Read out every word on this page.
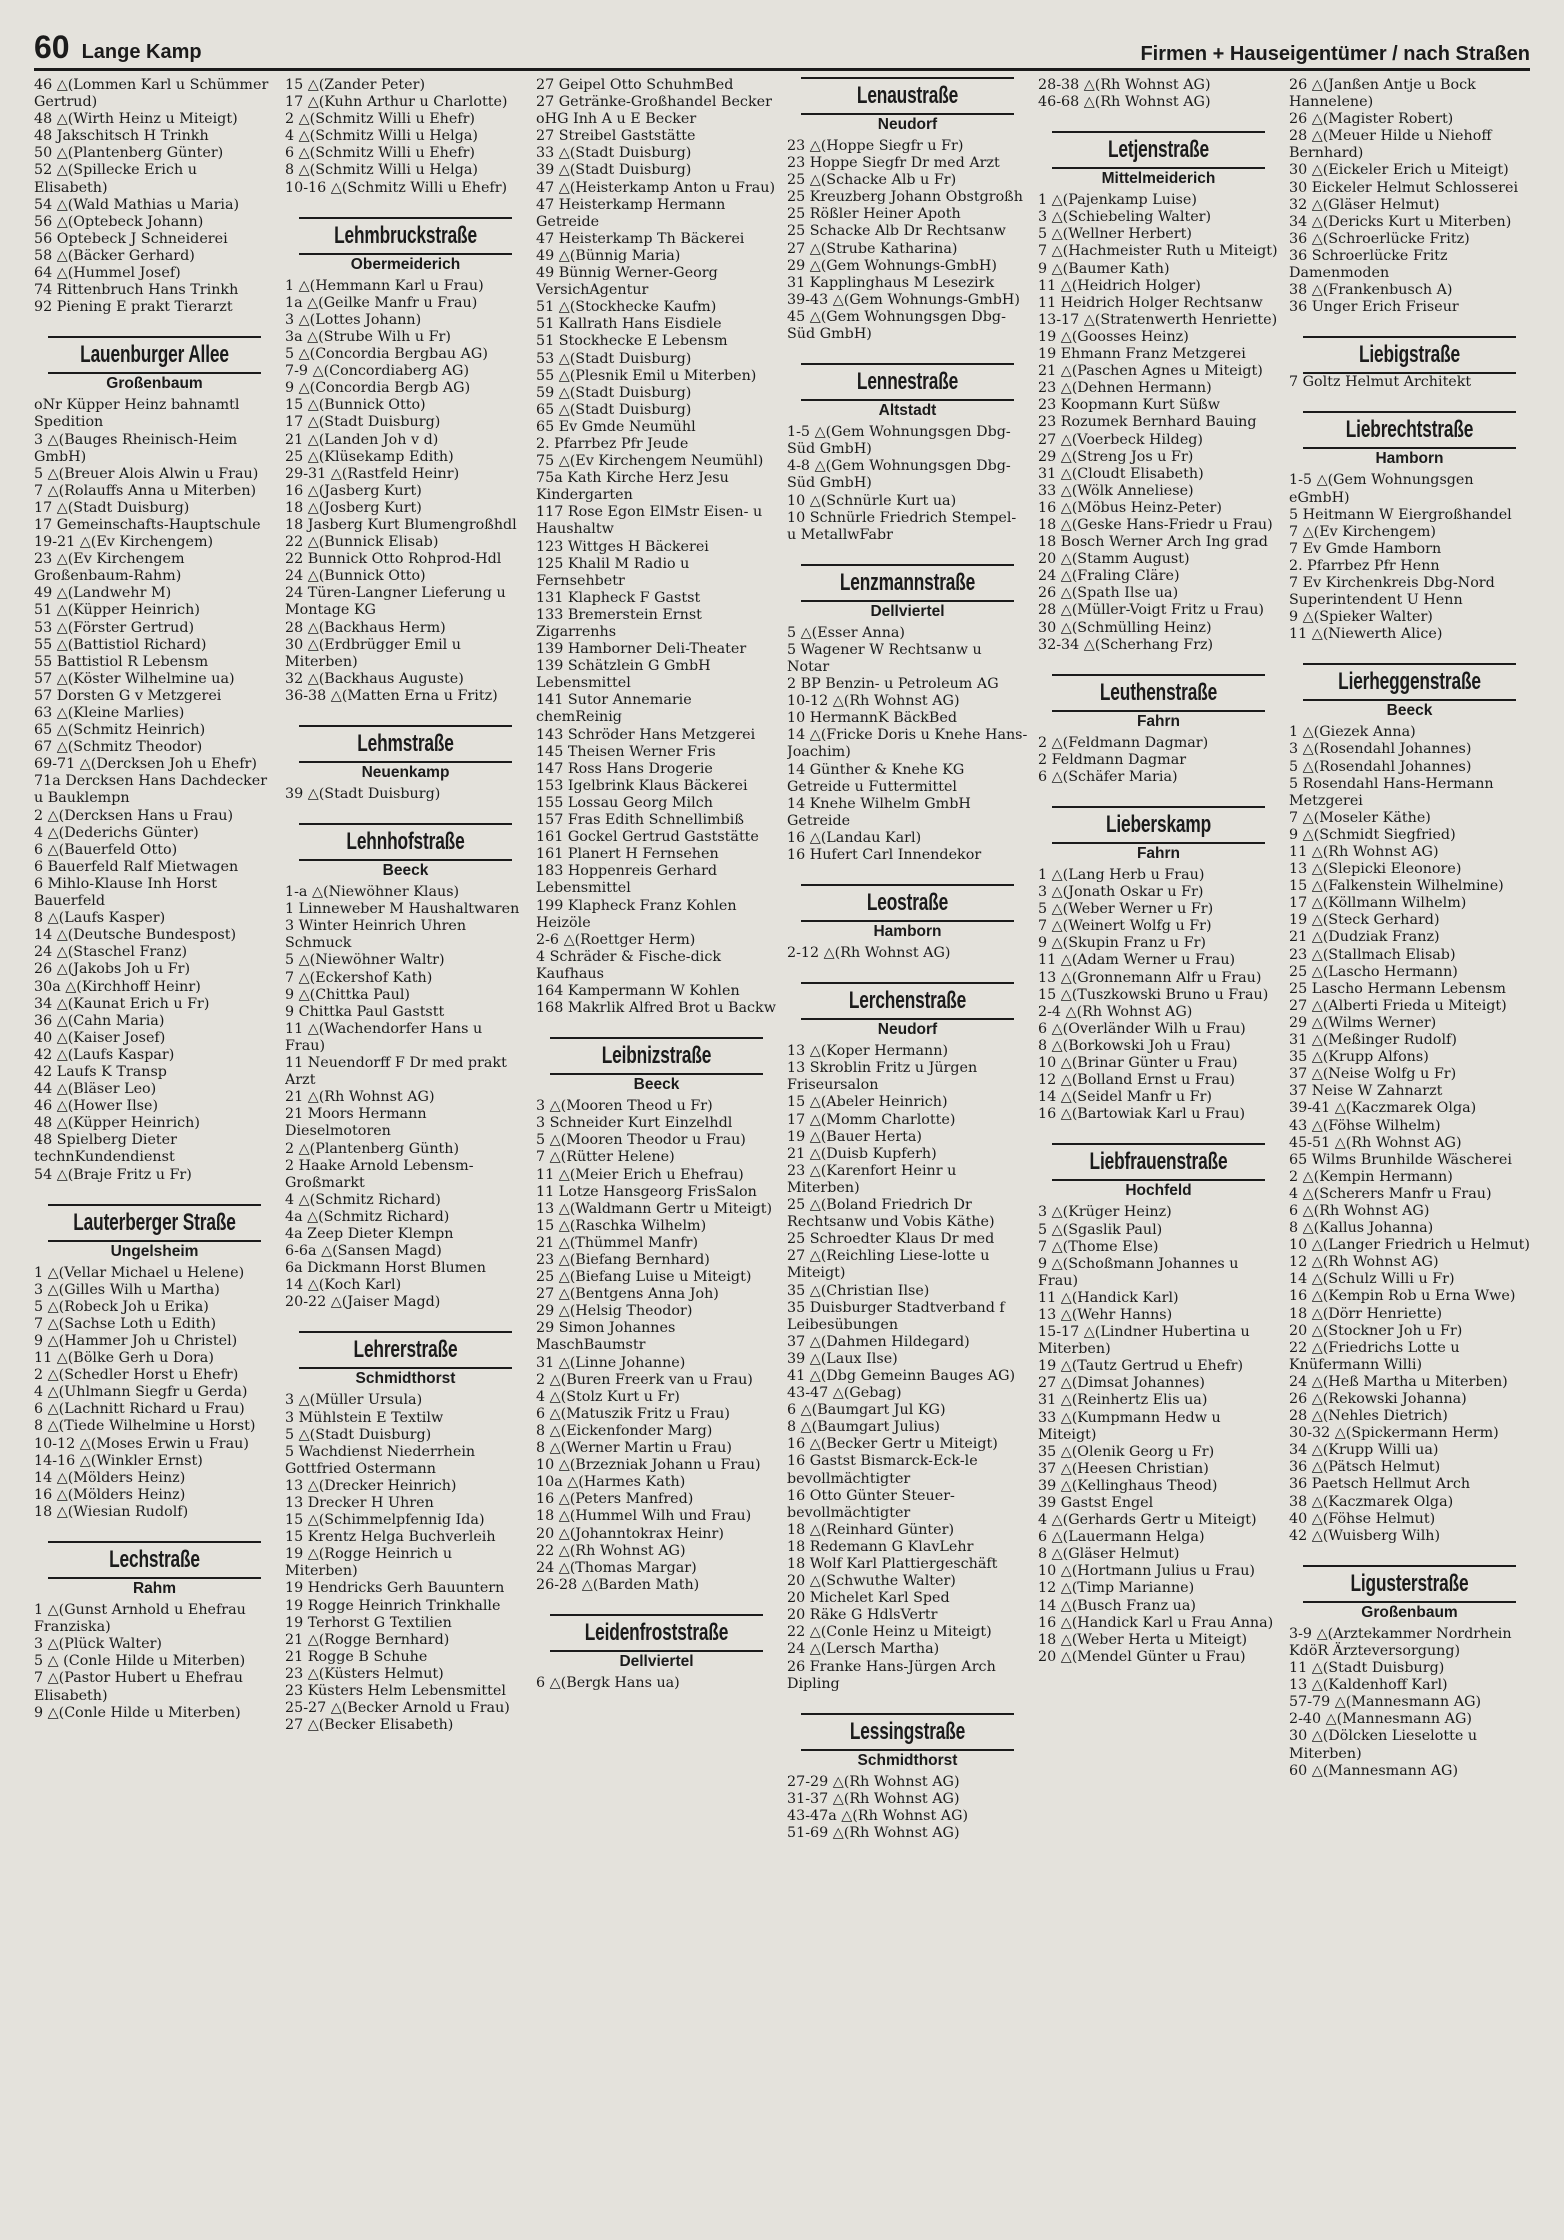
60 Lange Kamp	Firmen + Hauseigentümer / nach Straßen
46 △(Lommen Karl u Schümmer Gertrud)
48 △(Wirth Heinz u Miteigt)
48 Jakschitsch H Trinkh
50 △(Plantenberg Günter)
52 △(Spillecke Erich u Elisabeth)
54 △(Wald Mathias u Maria)
56 △(Optebeck Johann)
56 Optebeck J Schneiderei
58 △(Bäcker Gerhard)
64 △(Hummel Josef)
74 Rittenbruch Hans Trinkh
92 Piening E prakt Tierarzt
Lauenburger Allee
Großenbaum
oNr Küpper Heinz bahnamtl Spedition
3 △(Bauges Rheinisch-Heim GmbH)
5 △(Breuer Alois Alwin u Frau)
7 △(Rolauffs Anna u Miterben)
17 △(Stadt Duisburg)
17 Gemeinschafts-Hauptschule
19-21 △(Ev Kirchengem)
23 △(Ev Kirchengem Großenbaum-Rahm)
49 △(Landwehr M)
51 △(Küpper Heinrich)
53 △(Förster Gertrud)
55 △(Battistiol Richard)
55 Battistiol R Lebensm
57 △(Köster Wilhelmine ua)
57 Dorsten G v Metzgerei
63 △(Kleine Marlies)
65 △(Schmitz Heinrich)
67 △(Schmitz Theodor)
69-71 △(Dercksen Joh u Ehefr)
71a Dercksen Hans Dachdecker u Bauklempn
2 △(Dercksen Hans u Frau)
4 △(Dederichs Günter)
6 △(Bauerfeld Otto)
6 Bauerfeld Ralf Mietwagen
6 Mihlo-Klause Inh Horst Bauerfeld
8 △(Laufs Kasper)
14 △(Deutsche Bundespost)
24 △(Staschel Franz)
26 △(Jakobs Joh u Fr)
30a △(Kirchhoff Heinr)
34 △(Kaunat Erich u Fr)
36 △(Cahn Maria)
40 △(Kaiser Josef)
42 △(Laufs Kaspar)
42 Laufs K Transp
44 △(Bläser Leo)
46 △(Hower Ilse)
48 △(Küpper Heinrich)
48 Spielberg Dieter technKundendienst
54 △(Braje Fritz u Fr)
Lauterberger Straße
Ungelsheim
1 △(Vellar Michael u Helene)
3 △(Gilles Wilh u Martha)
5 △(Robeck Joh u Erika)
7 △(Sachse Loth u Edith)
9 △(Hammer Joh u Christel)
11 △(Bölke Gerh u Dora)
2 △(Schedler Horst u Ehefr)
4 △(Uhlmann Siegfr u Gerda)
6 △(Lachnitt Richard u Frau)
8 △(Tiede Wilhelmine u Horst)
10-12 △(Moses Erwin u Frau)
14-16 △(Winkler Ernst)
14 △(Mölders Heinz)
16 △(Mölders Heinz)
18 △(Wiesian Rudolf)
Lechstraße
Rahm
1 △(Gunst Arnhold u Ehefrau Franziska)
3 △(Plück Walter)
5 △ (Conle Hilde u Miterben)
7 △(Pastor Hubert u Ehefrau Elisabeth)
9 △(Conle Hilde u Miterben)
15 △(Zander Peter)
17 △(Kuhn Arthur u Charlotte)
2 △(Schmitz Willi u Ehefr)
4 △(Schmitz Willi u Helga)
6 △(Schmitz Willi u Ehefr)
8 △(Schmitz Willi u Helga)
10-16 △(Schmitz Willi u Ehefr)
Lehmbruckstraße
Obermeiderich
1 △(Hemmann Karl u Frau)
1a △(Geilke Manfr u Frau)
3 △(Lottes Johann)
3a △(Strube Wilh u Fr)
5 △(Concordia Bergbau AG)
7-9 △(Concordiaberg AG)
9 △(Concordia Bergb AG)
15 △(Bunnick Otto)
17 △(Stadt Duisburg)
21 △(Landen Joh v d)
25 △(Klüsekamp Edith)
29-31 △(Rastfeld Heinr)
16 △(Jasberg Kurt)
18 △(Josberg Kurt)
18 Jasberg Kurt Blumengroßhdl
22 △(Bunnick Elisab)
22 Bunnick Otto Rohprod-Hdl
24 △(Bunnick Otto)
24 Türen-Langner Lieferung u Montage KG
28 △(Backhaus Herm)
30 △(Erdbrügger Emil u Miterben)
32 △(Backhaus Auguste)
36-38 △(Matten Erna u Fritz)
Lehmstraße
Neuenkamp
39 △(Stadt Duisburg)
Lehnhofstraße
Beeck
1-a △(Niewöhner Klaus)
1 Linneweber M Haushaltwaren
3 Winter Heinrich Uhren Schmuck
5 △(Niewöhner Waltr)
7 △(Eckershof Kath)
9 △(Chittka Paul)
9 Chittka Paul Gaststt
11 △(Wachendorfer Hans u Frau)
11 Neuendorff F Dr med prakt Arzt
21 △(Rh Wohnst AG)
21 Moors Hermann Dieselmotoren
2 △(Plantenberg Günth)
2 Haake Arnold Lebensm-Großmarkt
4 △(Schmitz Richard)
4a △(Schmitz Richard)
4a Zeep Dieter Klempn
6-6a △(Sansen Magd)
6a Dickmann Horst Blumen
14 △(Koch Karl)
20-22 △(Jaiser Magd)
Lehrerstraße
Schmidthorst
3 △(Müller Ursula)
3 Mühlstein E Textilw
5 △(Stadt Duisburg)
5 Wachdienst Niederrhein Gottfried Ostermann
13 △(Drecker Heinrich)
13 Drecker H Uhren
15 △(Schimmelpfennig Ida)
15 Krentz Helga Buchverleih
19 △(Rogge Heinrich u Miterben)
19 Hendricks Gerh Bauuntern
19 Rogge Heinrich Trinkhalle
19 Terhorst G Textilien
21 △(Rogge Bernhard)
21 Rogge B Schuhe
23 △(Küsters Helmut)
23 Küsters Helm Lebensmittel
25-27 △(Becker Arnold u Frau)
27 △(Becker Elisabeth)
27 Geipel Otto SchuhmBed
27 Getränke-Großhandel Becker oHG Inh A u E Becker
27 Streibel Gaststätte
33 △(Stadt Duisburg)
39 △(Stadt Duisburg)
47 △(Heisterkamp Anton u Frau)
47 Heisterkamp Hermann Getreide
47 Heisterkamp Th Bäckerei
49 △(Bünnig Maria)
49 Bünnig Werner-Georg VersichAgentur
51 △(Stockhecke Kaufm)
51 Kallrath Hans Eisdiele
51 Stockhecke E Lebensm
53 △(Stadt Duisburg)
55 △(Plesnik Emil u Miterben)
59 △(Stadt Duisburg)
65 △(Stadt Duisburg)
65 Ev Gmde Neumühl
2. Pfarrbez Pfr Jeude
75 △(Ev Kirchengem Neumühl)
75a Kath Kirche Herz Jesu Kindergarten
117 Rose Egon ElMstr Eisen- u Haushaltw
123 Wittges H Bäckerei
125 Khalil M Radio u Fernsehbetr
131 Klapheck F Gastst
133 Bremerstein Ernst Zigarrenhs
139 Hamborner Deli-Theater
139 Schätzlein G GmbH Lebensmittel
141 Sutor Annemarie chemReinig
143 Schröder Hans Metzgerei
145 Theisen Werner Fris
147 Ross Hans Drogerie
153 Igelbrink Klaus Bäckerei
155 Lossau Georg Milch
157 Fras Edith Schnellimbiß
161 Gockel Gertrud Gaststätte
161 Planert H Fernsehen
183 Hoppenreis Gerhard Lebensmittel
199 Klapheck Franz Kohlen Heizöle
2-6 △(Roettger Herm)
4 Schräder & Fische-dick Kaufhaus
164 Kampermann W Kohlen
168 Makrlik Alfred Brot u Backw
Leibnizstraße
Beeck
3 △(Mooren Theod u Fr)
3 Schneider Kurt Einzelhdl
5 △(Mooren Theodor u Frau)
7 △(Rütter Helene)
11 △(Meier Erich u Ehefrau)
11 Lotze Hansgeorg FrisSalon
13 △(Waldmann Gertr u Miteigt)
15 △(Raschka Wilhelm)
21 △(Thümmel Manfr)
23 △(Biefang Bernhard)
25 △(Biefang Luise u Miteigt)
27 △(Bentgens Anna Joh)
29 △(Helsig Theodor)
29 Simon Johannes MaschBaumstr
31 △(Linne Johanne)
2 △(Buren Freerk van u Frau)
4 △(Stolz Kurt u Fr)
6 △(Matuszik Fritz u Frau)
8 △(Eickenfonder Marg)
8 △(Werner Martin u Frau)
10 △(Brzezniak Johann u Frau)
10a △(Harmes Kath)
16 △(Peters Manfred)
18 △(Hummel Wilh und Frau)
20 △(Johanntokrax Heinr)
22 △(Rh Wohnst AG)
24 △(Thomas Margar)
26-28 △(Barden Math)
Leidenfroststraße
Dellviertel
6 △(Bergk Hans ua)
Lenaustraße
Neudorf
23 △(Hoppe Siegfr u Fr)
23 Hoppe Siegfr Dr med Arzt
25 △(Schacke Alb u Fr)
25 Kreuzberg Johann Obstgroßh
25 Rößler Heiner Apoth
25 Schacke Alb Dr Rechtsanw
27 △(Strube Katharina)
29 △(Gem Wohnungs-GmbH)
31 Kapplinghaus M Lesezirk
39-43 △(Gem Wohnungs-GmbH)
45 △(Gem Wohnungsgen Dbg-Süd GmbH)
Lennestraße
Altstadt
1-5 △(Gem Wohnungsgen Dbg-Süd GmbH)
4-8 △(Gem Wohnungsgen Dbg-Süd GmbH)
10 △(Schnürle Kurt ua)
10 Schnürle Friedrich Stempel- u MetallwFabr
Lenzmannstraße
Dellviertel
5 △(Esser Anna)
5 Wagener W Rechtsanw u Notar
2 BP Benzin- u Petroleum AG
10-12 △(Rh Wohnst AG)
10 HermannK BäckBed
14 △(Fricke Doris u Knehe Hans-Joachim)
14 Günther & Knehe KG Getreide u Futtermittel
14 Knehe Wilhelm GmbH Getreide
16 △(Landau Karl)
16 Hufert Carl Innendekor
Leostraße
Hamborn
2-12 △(Rh Wohnst AG)
Lerchenstraße
Neudorf
13 △(Koper Hermann)
13 Skroblin Fritz u Jürgen Friseursalon
15 △(Abeler Heinrich)
17 △(Momm Charlotte)
19 △(Bauer Herta)
21 △(Duisb Kupferh)
23 △(Karenfort Heinr u Miterben)
25 △(Boland Friedrich Dr Rechtsanw und Vobis Käthe)
25 Schroedter Klaus Dr med
27 △(Reichling Liese-lotte u Miteigt)
35 △(Christian Ilse)
35 Duisburger Stadtverband f Leibesübungen
37 △(Dahmen Hildegard)
39 △(Laux Ilse)
41 △(Dbg Gemeinn Bauges AG)
43-47 △(Gebag)
6 △(Baumgart Jul KG)
8 △(Baumgart Julius)
16 △(Becker Gertr u Miteigt)
16 Gastst Bismarck-Eck-le bevollmächtigter
16 Otto Günter Steuer-bevollmächtigter
18 △(Reinhard Günter)
18 Redemann G KlavLehr
18 Wolf Karl Plattiergeschäft
20 △(Schwuthe Walter)
20 Michelet Karl Sped
20 Räke G HdlsVertr
22 △(Conle Heinz u Miteigt)
24 △(Lersch Martha)
26 Franke Hans-Jürgen Arch Dipling
Lessingstraße
Schmidthorst
27-29 △(Rh Wohnst AG)
31-37 △(Rh Wohnst AG)
43-47a △(Rh Wohnst AG)
51-69 △(Rh Wohnst AG)
28-38 △(Rh Wohnst AG)
46-68 △(Rh Wohnst AG)
Letjenstraße
Mittelmeiderich
1 △(Pajenkamp Luise)
3 △(Schiebeling Walter)
5 △(Wellner Herbert)
7 △(Hachmeister Ruth u Miteigt)
9 △(Baumer Kath)
11 △(Heidrich Holger)
11 Heidrich Holger Rechtsanw
13-17 △(Stratenwerth Henriette)
19 △(Goosses Heinz)
19 Ehmann Franz Metzgerei
21 △(Paschen Agnes u Miteigt)
23 △(Dehnen Hermann)
23 Koopmann Kurt Süßw
23 Rozumek Bernhard Bauing
27 △(Voerbeck Hildeg)
29 △(Streng Jos u Fr)
31 △(Cloudt Elisabeth)
33 △(Wölk Anneliese)
16 △(Möbus Heinz-Peter)
18 △(Geske Hans-Friedr u Frau)
18 Bosch Werner Arch Ing grad
20 △(Stamm August)
24 △(Fraling Cläre)
26 △(Spath Ilse ua)
28 △(Müller-Voigt Fritz u Frau)
30 △(Schmülling Heinz)
32-34 △(Scherhang Frz)
Leuthenstraße
Fahrn
2 △(Feldmann Dagmar)
2 Feldmann Dagmar
6 △(Schäfer Maria)
Lieberskamp
Fahrn
1 △(Lang Herb u Frau)
3 △(Jonath Oskar u Fr)
5 △(Weber Werner u Fr)
7 △(Weinert Wolfg u Fr)
9 △(Skupin Franz u Fr)
11 △(Adam Werner u Frau)
13 △(Gronnemann Alfr u Frau)
15 △(Tuszkowski Bruno u Frau)
2-4 △(Rh Wohnst AG)
6 △(Overländer Wilh u Frau)
8 △(Borkowski Joh u Frau)
10 △(Brinar Günter u Frau)
12 △(Bolland Ernst u Frau)
14 △(Seidel Manfr u Fr)
16 △(Bartowiak Karl u Frau)
Liebfrauenstraße
Hochfeld
3 △(Krüger Heinz)
5 △(Sgaslik Paul)
7 △(Thome Else)
9 △(Schoßmann Johannes u Frau)
11 △(Handick Karl)
13 △(Wehr Hanns)
15-17 △(Lindner Hubertina u Miterben)
19 △(Tautz Gertrud u Ehefr)
27 △(Dimsat Johannes)
31 △(Reinhertz Elis ua)
33 △(Kumpmann Hedw u Miteigt)
35 △(Olenik Georg u Fr)
37 △(Heesen Christian)
39 △(Kellinghaus Theod)
39 Gastst Engel
4 △(Gerhards Gertr u Miteigt)
6 △(Lauermann Helga)
8 △(Gläser Helmut)
10 △(Hortmann Julius u Frau)
12 △(Timp Marianne)
14 △(Busch Franz ua)
16 △(Handick Karl u Frau Anna)
18 △(Weber Herta u Miteigt)
20 △(Mendel Günter u Frau)
26 △(Janßen Antje u Bock Hannelene)
26 △(Magister Robert)
28 △(Meuer Hilde u Niehoff Bernhard)
30 △(Eickeler Erich u Miteigt)
30 Eickeler Helmut Schlosserei
32 △(Gläser Helmut)
34 △(Dericks Kurt u Miterben)
36 △(Schroerlücke Fritz)
36 Schroerlücke Fritz Damenmoden
38 △(Frankenbusch A)
36 Unger Erich Friseur
Liebigstraße
7 Goltz Helmut Architekt
Liebrechtstraße
Hamborn
1-5 △(Gem Wohnungsgen eGmbH)
5 Heitmann W Eiergroßhandel
7 △(Ev Kirchengem)
7 Ev Gmde Hamborn
2. Pfarrbez Pfr Henn
7 Ev Kirchenkreis Dbg-Nord Superintendent U Henn
9 △(Spieker Walter)
11 △(Niewerth Alice)
Lierheggenstraße
Beeck
1 △(Giezek Anna)
3 △(Rosendahl Johannes)
5 △(Rosendahl Johannes)
5 Rosendahl Hans-Hermann Metzgerei
7 △(Moseler Käthe)
9 △(Schmidt Siegfried)
11 △(Rh Wohnst AG)
13 △(Slepicki Eleonore)
15 △(Falkenstein Wilhelmine)
17 △(Köllmann Wilhelm)
19 △(Steck Gerhard)
21 △(Dudziak Franz)
23 △(Stallmach Elisab)
25 △(Lascho Hermann)
25 Lascho Hermann Lebensm
27 △(Alberti Frieda u Miteigt)
29 △(Wilms Werner)
31 △(Meßinger Rudolf)
35 △(Krupp Alfons)
37 △(Neise Wolfg u Fr)
37 Neise W Zahnarzt
39-41 △(Kaczmarek Olga)
43 △(Föhse Wilhelm)
45-51 △(Rh Wohnst AG)
65 Wilms Brunhilde Wäscherei
2 △(Kempin Hermann)
4 △(Scherers Manfr u Frau)
6 △(Rh Wohnst AG)
8 △(Kallus Johanna)
10 △(Langer Friedrich u Helmut)
12 △(Rh Wohnst AG)
14 △(Schulz Willi u Fr)
16 △(Kempin Rob u Erna Wwe)
18 △(Dörr Henriette)
20 △(Stockner Joh u Fr)
22 △(Friedrichs Lotte u Knüfermann Willi)
24 △(Heß Martha u Miterben)
26 △(Rekowski Johanna)
28 △(Nehles Dietrich)
30-32 △(Spickermann Herm)
34 △(Krupp Willi ua)
36 △(Pätsch Helmut)
36 Paetsch Hellmut Arch
38 △(Kaczmarek Olga)
40 △(Föhse Helmut)
42 △(Wuisberg Wilh)
Ligusterstraße
Großenbaum
3-9 △(Arztekammer Nordrhein KdöR Ärzteversorgung)
11 △(Stadt Duisburg)
13 △(Kaldenhoff Karl)
57-79 △(Mannesmann AG)
2-40 △(Mannesmann AG)
30 △(Dölcken Lieselotte u Miterben)
60 △(Mannesmann AG)
